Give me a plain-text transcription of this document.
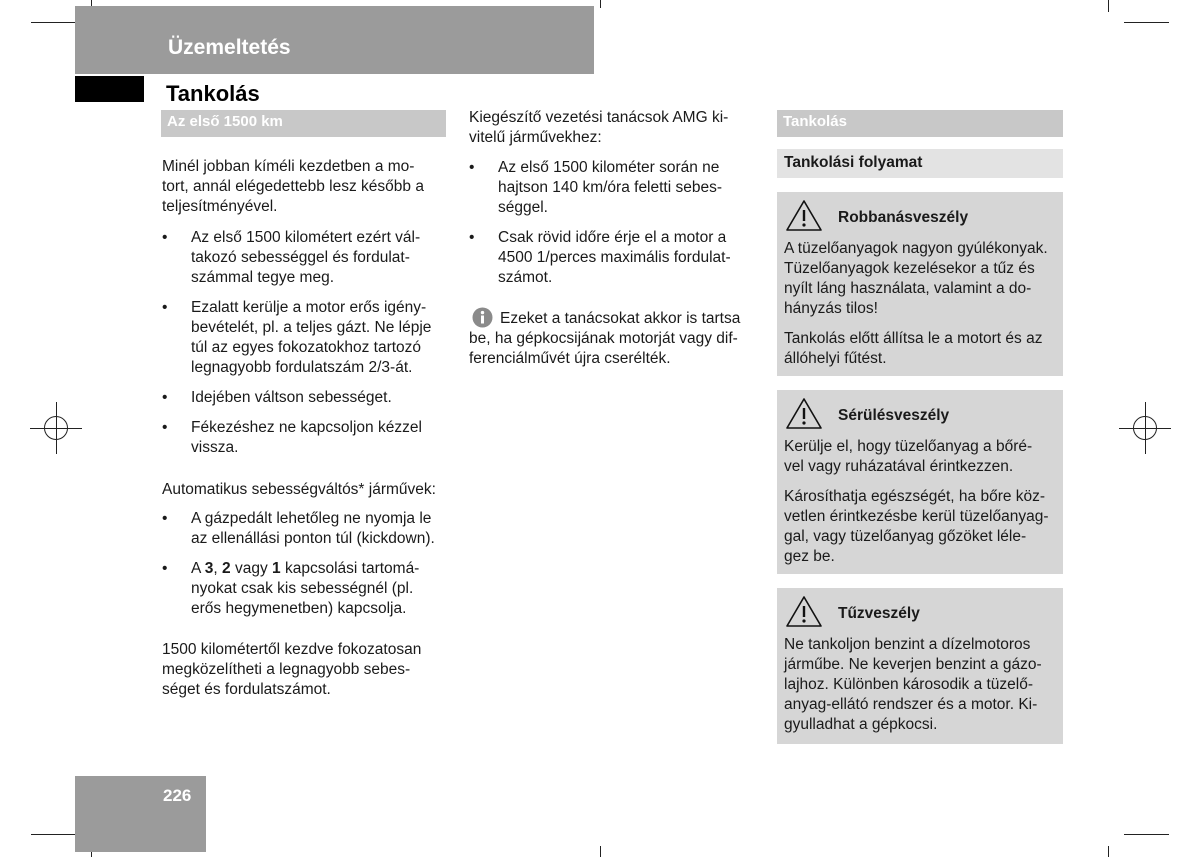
Üzemeltetés
Tankolás
Az első 1500 km
Minél jobban kíméli kezdetben a mo-
tort, annál elégedettebb lesz később a
teljesítményével.
• Az első 1500 kilométert ezért vál-
takozó sebességgel és fordulat-
számmal tegye meg.
• Ezalatt kerülje a motor erős igény-
bevételét, pl. a teljes gázt. Ne lépje
túl az egyes fokozatokhoz tartozó
legnagyobb fordulatszám 2/3-át.
• Idejében váltson sebességet.
• Fékezéshez ne kapcsoljon kézzel
vissza.
Automatikus sebességváltós* járművek:
• A gázpedált lehetőleg ne nyomja le
az ellenállási ponton túl (kickdown).
• A 3, 2 vagy 1 kapcsolási tartomá-
nyokat csak kis sebességnél (pl.
erős hegymenetben) kapcsolja.
1500 kilométertől kezdve fokozatosan
megközelítheti a legnagyobb sebes-
séget és fordulatszámot.
Kiegészítő vezetési tanácsok AMG ki-
vitelű járművekhez:
• Az első 1500 kilométer során ne
hajtson 140 km/óra feletti sebes-
séggel.
• Csak rövid időre érje el a motor a
4500 1/perces maximális fordulat-
számot.
Ezeket a tanácsokat akkor is tartsa
be, ha gépkocsijának motorját vagy dif-
ferenciálművét újra cserélték.
Tankolás
Tankolási folyamat
Robbanásveszély
A tüzelőanyagok nagyon gyúlékonyak.
Tüzelőanyagok kezelésekor a tűz és
nyílt láng használata, valamint a do-
hányzás tilos!
Tankolás előtt állítsa le a motort és az
állóhelyi fűtést.
Sérülésveszély
Kerülje el, hogy tüzelőanyag a bőré-
vel vagy ruházatával érintkezzen.
Károsíthatja egészségét, ha bőre köz-
vetlen érintkezésbe kerül tüzelőanyag-
gal, vagy tüzelőanyag gőzöket lélе-
gez be.
Tűzveszély
Ne tankoljon benzint a dízelmotoros
járműbe. Ne keverjen benzint a gázo-
lajhoz. Különben károsodik a tüzelő-
anyag-ellátó rendszer és a motor. Ki-
gyulladhat a gépkocsi.
226
